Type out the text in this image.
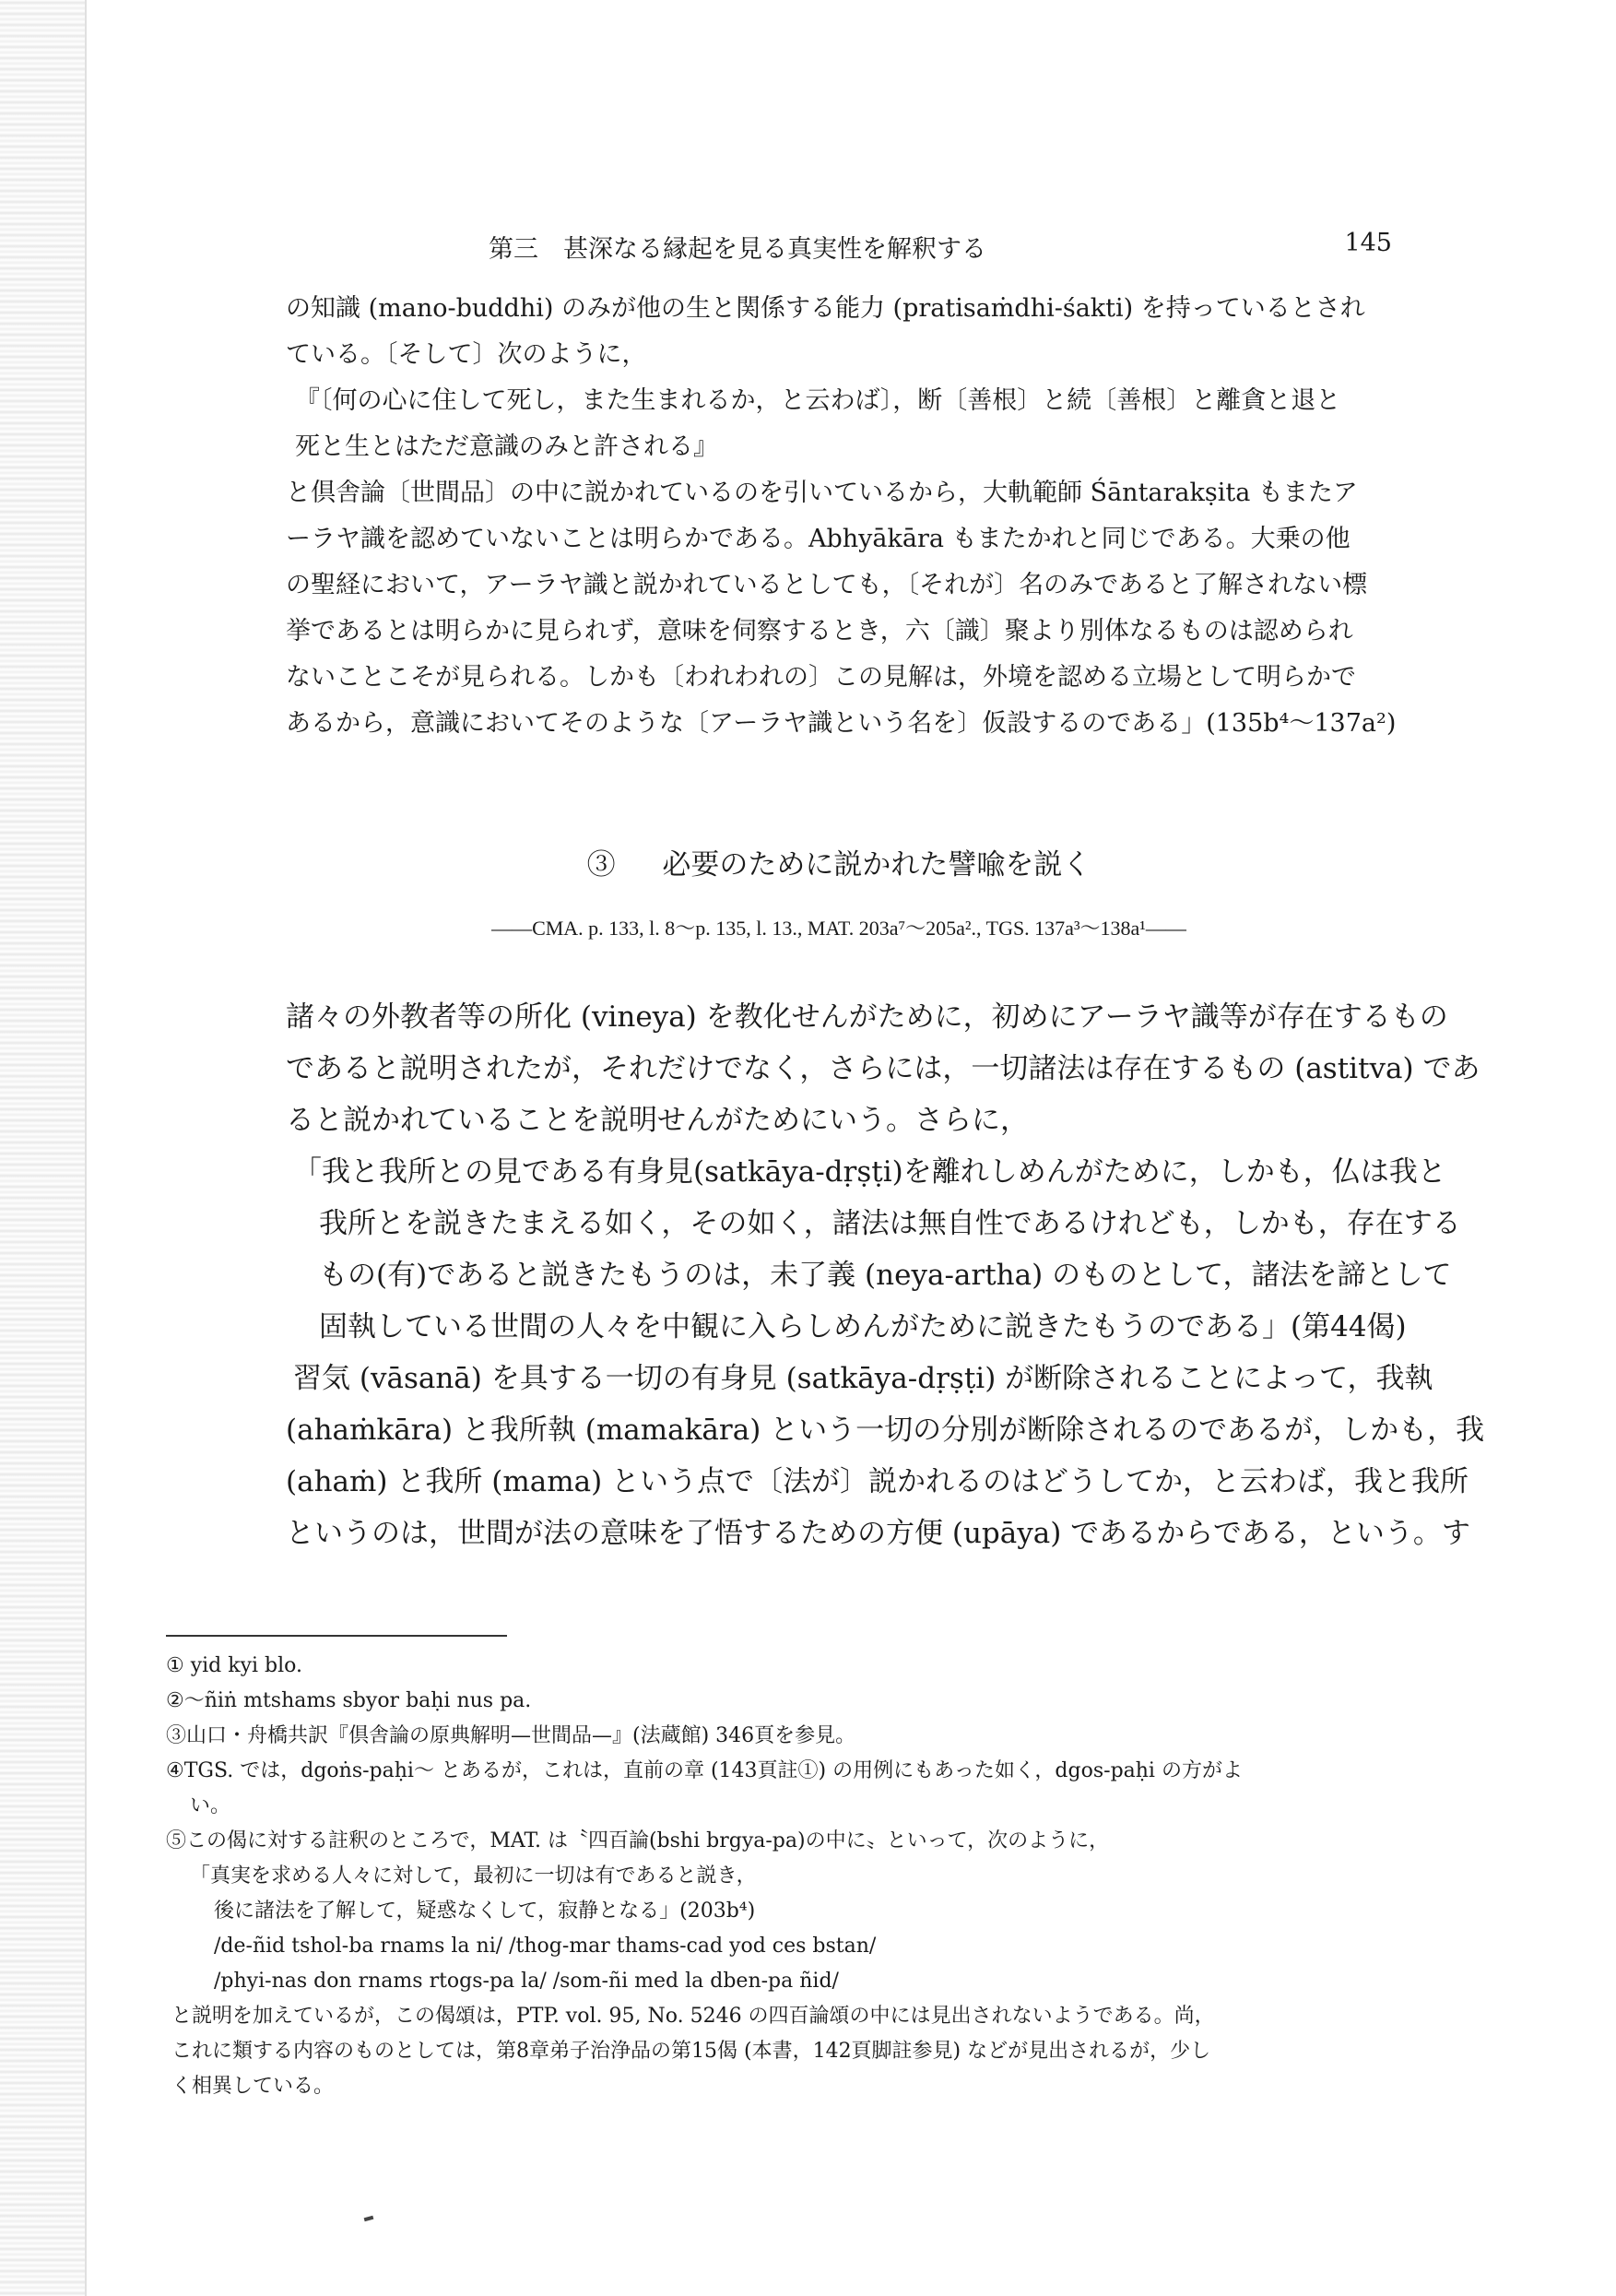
第三　甚深なる縁起を見る真実性を解釈する	145
の知識 (mano-buddhi) のみが他の生と関係する能力 (pratisaṁdhi-śakti) を持っているとされ
ている。〔そして〕次のように，
『〔何の心に住して死し，また生まれるか，と云わば〕，断〔善根〕と続〔善根〕と離貪と退と
死と生とはただ意識のみと許される』
と倶舎論〔世間品〕の中に説かれているのを引いているから，大軌範師 Śāntarakṣita もまたア
ーラヤ識を認めていないことは明らかである。Abhyākāra もまたかれと同じである。大乗の他
の聖経において，アーラヤ識と説かれているとしても，〔それが〕名のみであると了解されない標
挙であるとは明らかに見られず，意味を伺察するとき，六〔識〕聚より別体なるものは認められ
ないことこそが見られる。しかも〔われわれの〕この見解は，外境を認める立場として明らかで
あるから，意識においてそのような〔アーラヤ識という名を〕仮設するのである」(135b⁴〜137a²)
③   必要のために説かれた譬喩を説く
——CMA. p. 133, l. 8〜p. 135, l. 13., MAT. 203a⁷〜205a²., TGS. 137a³〜138a¹——
諸々の外教者等の所化 (vineya) を教化せんがために，初めにアーラヤ識等が存在するもの
であると説明されたが，それだけでなく，さらには，一切諸法は存在するもの (astitva) であ
ると説かれていることを説明せんがためにいう。さらに，
「我と我所との見である有身見(satkāya-dṛṣṭi)を離れしめんがために，しかも，仏は我と
我所とを説きたまえる如く，その如く，諸法は無自性であるけれども，しかも，存在する
もの(有)であると説きたもうのは，未了義 (neya-artha) のものとして，諸法を諦として
固執している世間の人々を中観に入らしめんがために説きたもうのである」(第44偈)
習気 (vāsanā) を具する一切の有身見 (satkāya-dṛṣṭi) が断除されることによって，我執
(ahaṁkāra) と我所執 (mamakāra) という一切の分別が断除されるのであるが，しかも，我
(ahaṁ) と我所 (mama) という点で〔法が〕説かれるのはどうしてか，と云わば，我と我所
というのは，世間が法の意味を了悟するための方便 (upāya) であるからである，という。す
① yid kyi blo.
②〜ñiṅ mtshams sbyor baḥi nus pa.
③山口・舟橋共訳『倶舎論の原典解明—世間品—』(法蔵館) 346頁を参見。
④TGS. では，dgoṅs-paḥi〜 とあるが，これは，直前の章 (143頁註①) の用例にもあった如く，dgos-paḥi の方がよ
い。
⑤この偈に対する註釈のところで，MAT. は〝四百論(bshi brgya-pa)の中に〟といって，次のように，
「真実を求める人々に対して，最初に一切は有であると説き，
後に諸法を了解して，疑惑なくして，寂静となる」(203b⁴)
/de-ñid tshol-ba rnams la ni/ /thog-mar thams-cad yod ces bstan/
/phyi-nas don rnams rtogs-pa la/ /som-ñi med la dben-pa ñid/
と説明を加えているが，この偈頌は，PTP. vol. 95, No. 5246 の四百論頌の中には見出されないようである。尚，
これに類する内容のものとしては，第8章弟子治浄品の第15偈 (本書，142頁脚註参見) などが見出されるが，少し
く相異している。
